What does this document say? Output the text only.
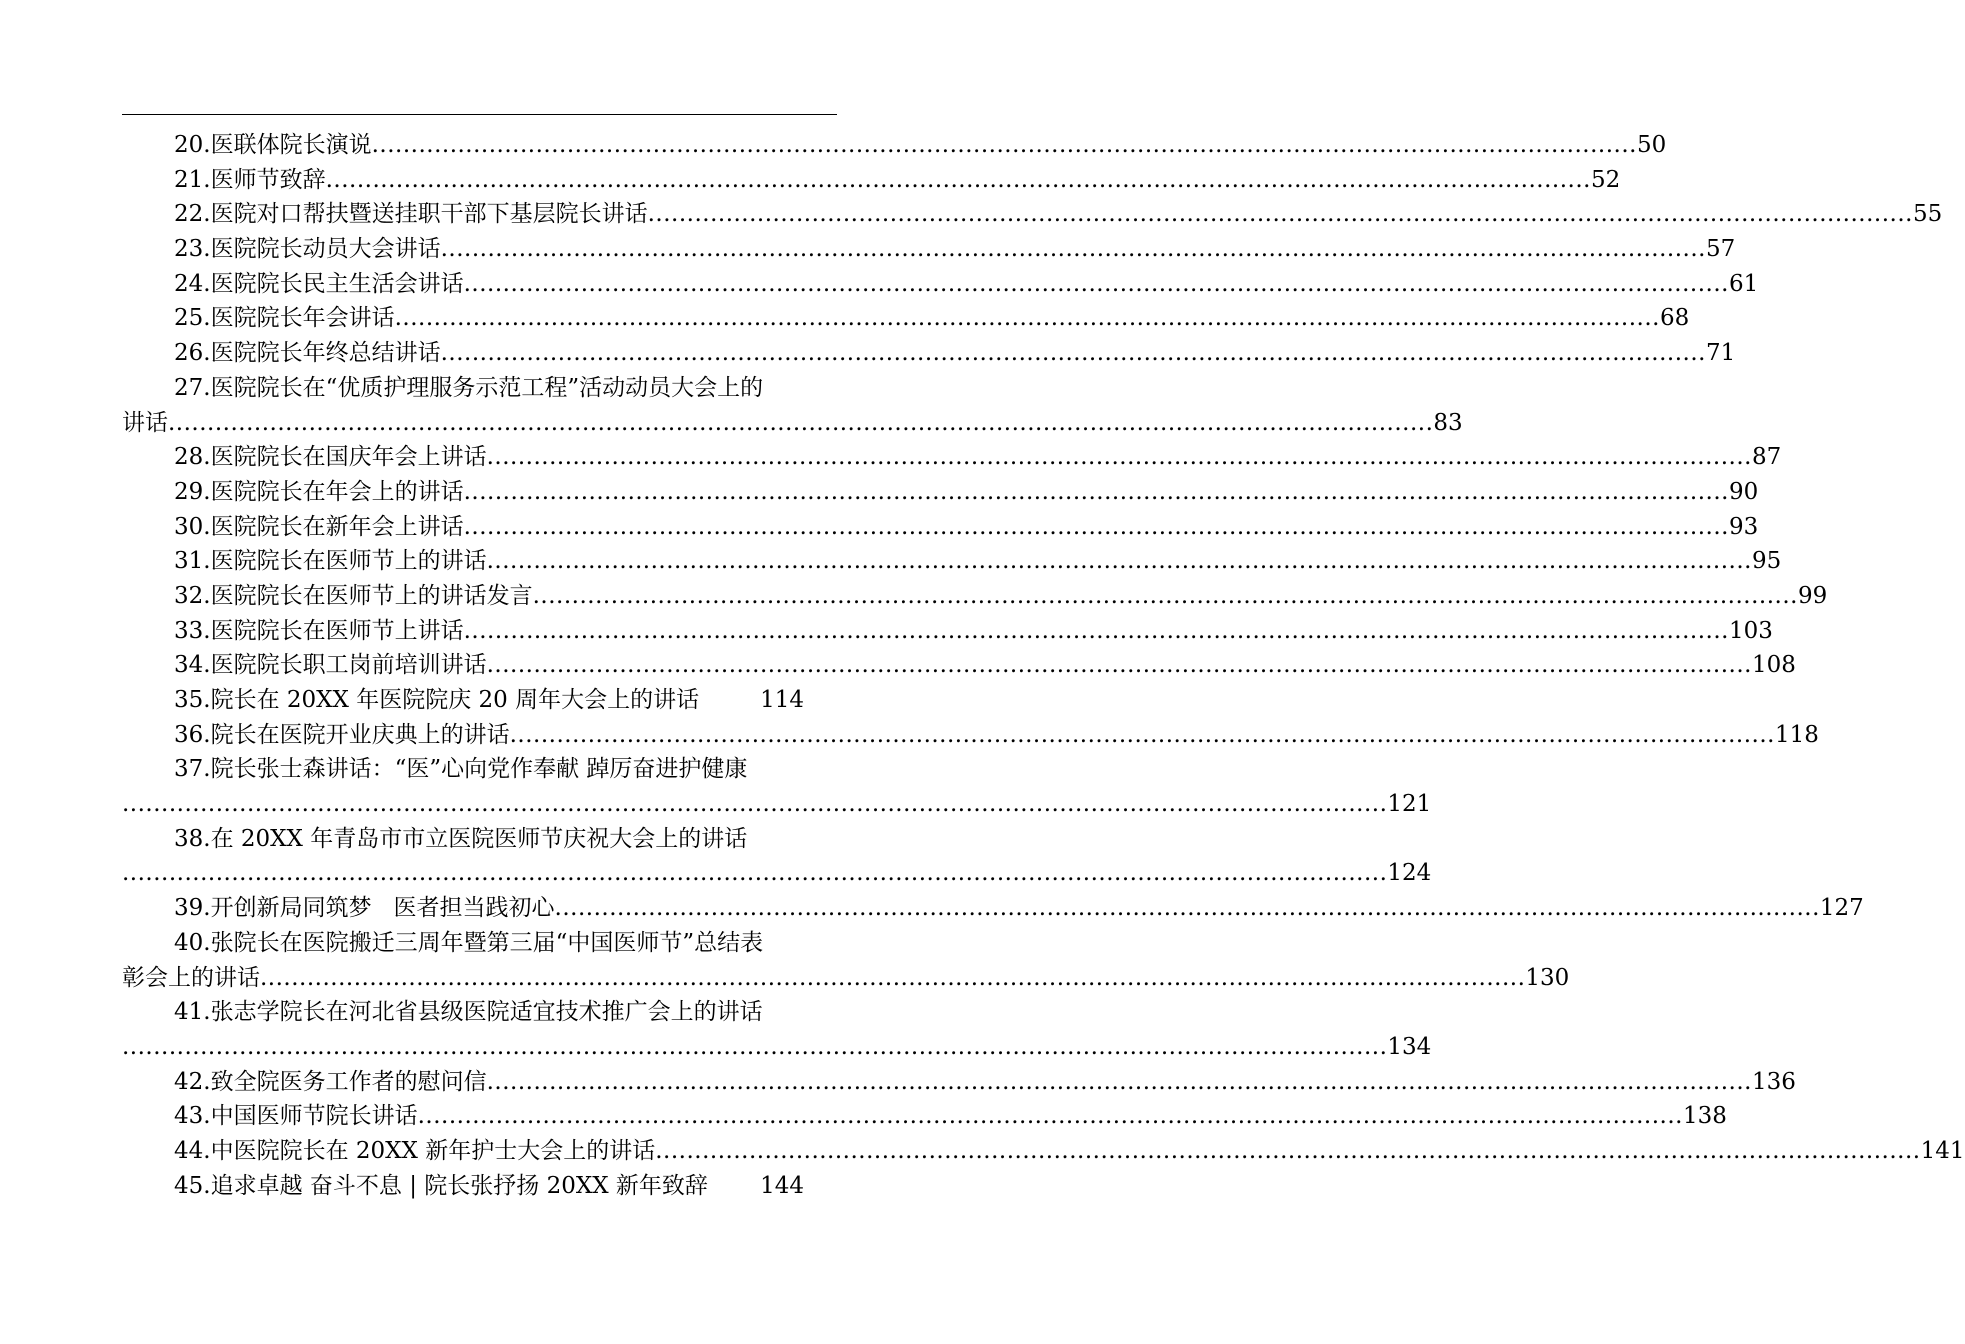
20.医联体院长演说 .................................................................................................................................................................. 50
21.医师节致辞 .................................................................................................................................................................. 52
22.医院对口帮扶暨送挂职干部下基层院长讲话 .................................................................................................................................................................. 55
23.医院院长动员大会讲话 .................................................................................................................................................................. 57
24.医院院长民主生活会讲话 .................................................................................................................................................................. 61
25.医院院长年会讲话 .................................................................................................................................................................. 68
26.医院院长年终总结讲话 .................................................................................................................................................................. 71
27.医院院长在“优质护理服务示范工程”活动动员大会上的
讲话 .................................................................................................................................................................. 83
28.医院院长在国庆年会上讲话 .................................................................................................................................................................. 87
29.医院院长在年会上的讲话 .................................................................................................................................................................. 90
30.医院院长在新年会上讲话 .................................................................................................................................................................. 93
31.医院院长在医师节上的讲话 .................................................................................................................................................................. 95
32.医院院长在医师节上的讲话发言 .................................................................................................................................................................. 99
33.医院院长在医师节上讲话 .................................................................................................................................................................. 103
34.医院院长职工岗前培训讲话 .................................................................................................................................................................. 108
35.院长在 20XX 年医院院庆 20 周年大会上的讲话	114
36.院长在医院开业庆典上的讲话 .................................................................................................................................................................. 118
37.院长张士森讲话：“医”心向党作奉献 踔厉奋进护健康
.................................................................................................................................................................. 121
38.在 20XX 年青岛市市立医院医师节庆祝大会上的讲话
.................................................................................................................................................................. 124
39.开创新局同筑梦   医者担当践初心 .................................................................................................................................................................. 127
40.张院长在医院搬迁三周年暨第三届“中国医师节”总结表
彰会上的讲话 .................................................................................................................................................................. 130
41.张志学院长在河北省县级医院适宜技术推广会上的讲话
.................................................................................................................................................................. 134
42.致全院医务工作者的慰问信 .................................................................................................................................................................. 136
43.中国医师节院长讲话 .................................................................................................................................................................. 138
44.中医院院长在 20XX 新年护士大会上的讲话 .................................................................................................................................................................. 141
45.追求卓越 奋斗不息 | 院长张抒扬 20XX 新年致辞 144
